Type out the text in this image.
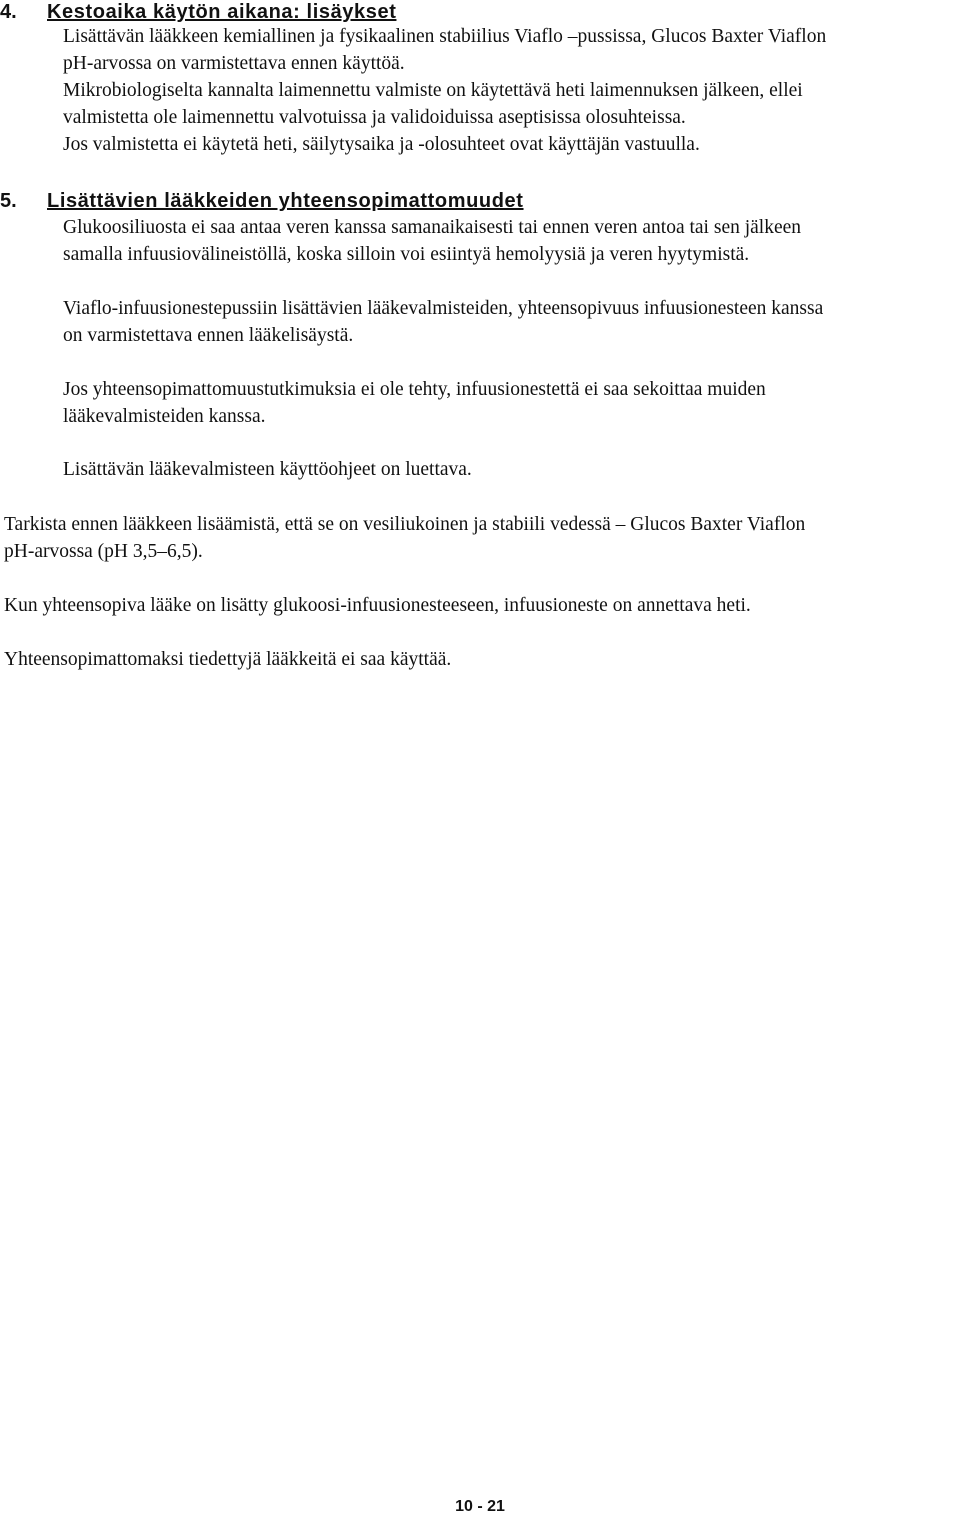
4. Kestoaika käytön aikana: lisäykset
Lisättävän lääkkeen kemiallinen ja fysikaalinen stabiilius Viaflo –pussissa, Glucos Baxter Viaflon
pH-arvossa on varmistettava ennen käyttöä.
Mikrobiologiselta kannalta laimennettu valmiste on käytettävä heti laimennuksen jälkeen, ellei
valmistetta ole laimennettu valvotuissa ja validoiduissa aseptisissa olosuhteissa.
Jos valmistetta ei käytetä heti, säilytysaika ja -olosuhteet ovat käyttäjän vastuulla.
5. Lisättävien lääkkeiden yhteensopimattomuudet
Glukoosiliuosta ei saa antaa veren kanssa samanaikaisesti tai ennen veren antoa tai sen jälkeen
samalla infuusiovälineistöllä, koska silloin voi esiintyä hemolyysiä ja veren hyytymistä.
Viaflo-infuusionestepussiin lisättävien lääkevalmisteiden, yhteensopivuus infuusionesteen kanssa
on varmistettava ennen lääkelisäystä.
Jos yhteensopimattomuustutkimuksia ei ole tehty, infuusionestettä ei saa sekoittaa muiden
lääkevalmisteiden kanssa.
Lisättävän lääkevalmisteen käyttöohjeet on luettava.
Tarkista ennen lääkkeen lisäämistä, että se on vesiliukoinen ja stabiili vedessä – Glucos Baxter Viaflon
pH-arvossa (pH 3,5–6,5).
Kun yhteensopiva lääke on lisätty glukoosi-infuusionesteeseen, infuusioneste on annettava heti.
Yhteensopimattomaksi tiedettyjä lääkkeitä ei saa käyttää.
10 - 21
